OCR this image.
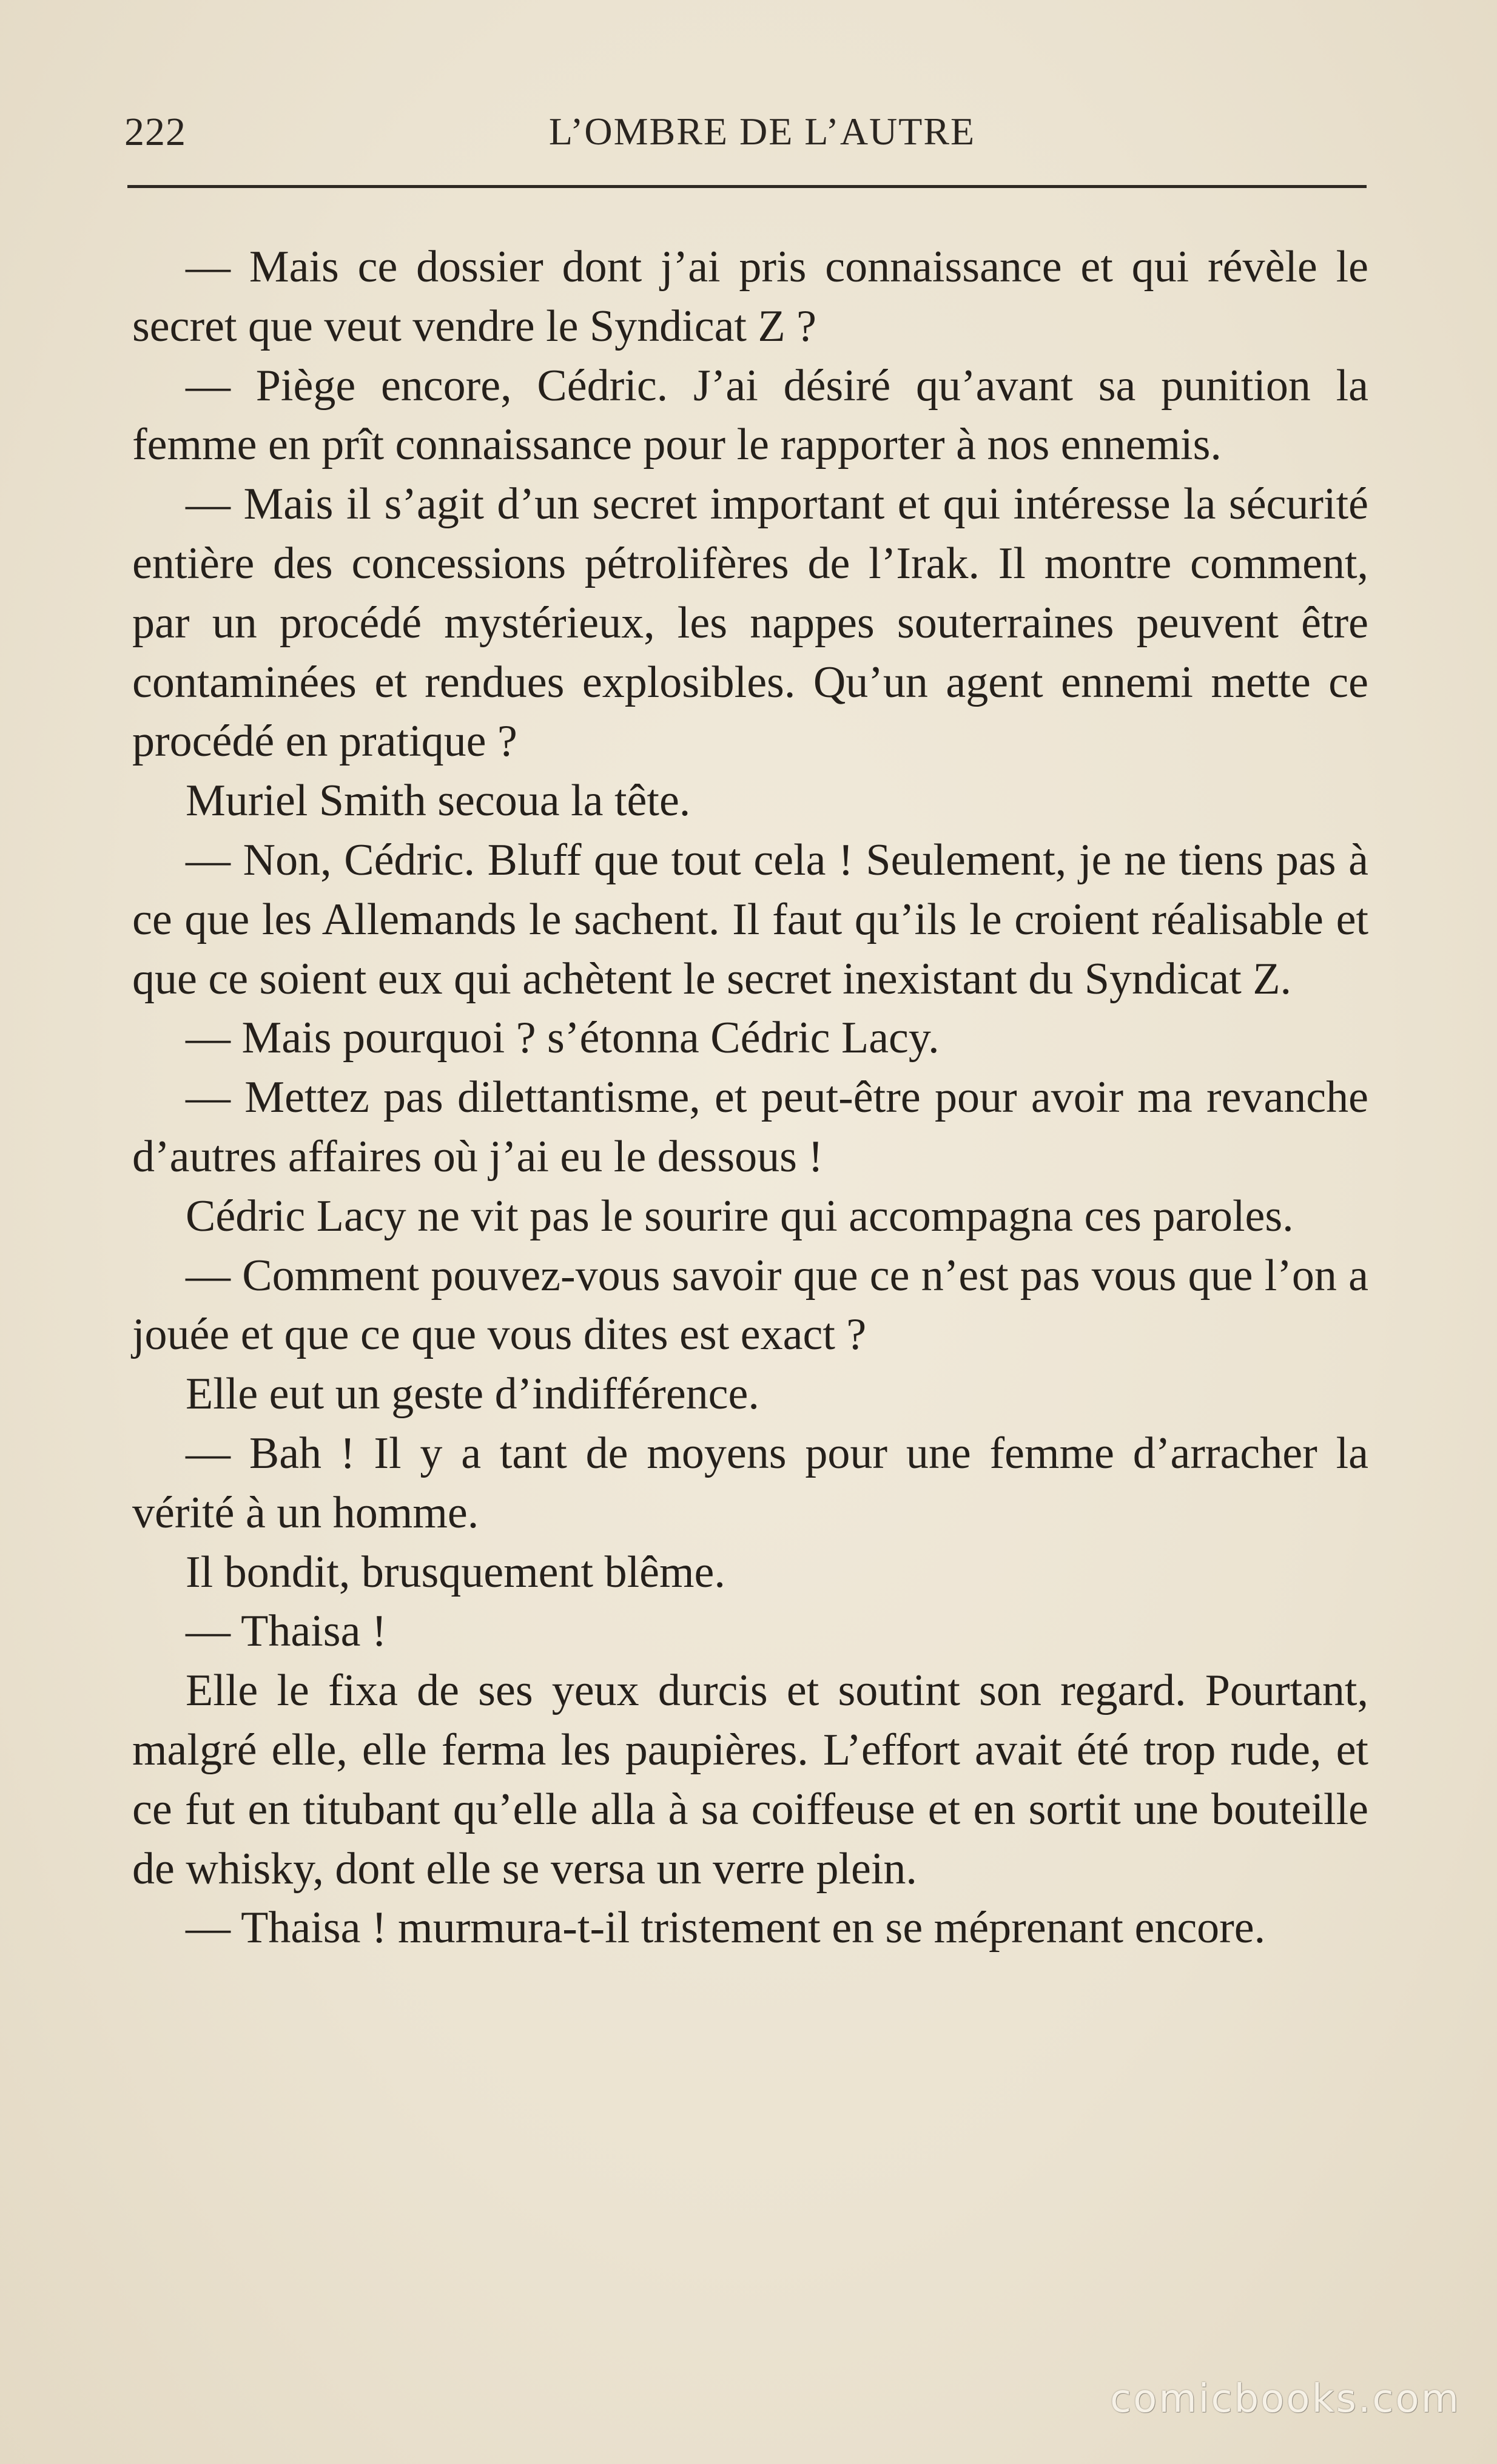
222	L’OMBRE DE L’AUTRE

— Mais ce dossier dont j’ai pris connaissance et qui révèle le secret que veut vendre le Syndicat Z ?

— Piège encore, Cédric. J’ai désiré qu’avant sa punition la femme en prît connaissance pour le rapporter à nos ennemis.

— Mais il s’agit d’un secret important et qui intéresse la sécurité entière des concessions pétrolifères de l’Irak. Il montre comment, par un procédé mystérieux, les nappes souterraines peuvent être contaminées et rendues explosibles. Qu’un agent ennemi mette ce procédé en pratique ?

Muriel Smith secoua la tête.

— Non, Cédric. Bluff que tout cela ! Seulement, je ne tiens pas à ce que les Allemands le sachent. Il faut qu’ils le croient réalisable et que ce soient eux qui achètent le secret inexistant du Syndicat Z.

— Mais pourquoi ? s’étonna Cédric Lacy.

— Mettez pas dilettantisme, et peut-être pour avoir ma revanche d’autres affaires où j’ai eu le dessous !

Cédric Lacy ne vit pas le sourire qui accompagna ces paroles.

— Comment pouvez-vous savoir que ce n’est pas vous que l’on a jouée et que ce que vous dites est exact ?

Elle eut un geste d’indifférence.

— Bah ! Il y a tant de moyens pour une femme d’arracher la vérité à un homme.

Il bondit, brusquement blême.

— Thaisa !

Elle le fixa de ses yeux durcis et soutint son regard. Pourtant, malgré elle, elle ferma les paupières. L’effort avait été trop rude, et ce fut en titubant qu’elle alla à sa coiffeuse et en sortit une bouteille de whisky, dont elle se versa un verre plein.

— Thaisa ! murmura-t-il tristement en se méprenant encore.

comicbooks.com
